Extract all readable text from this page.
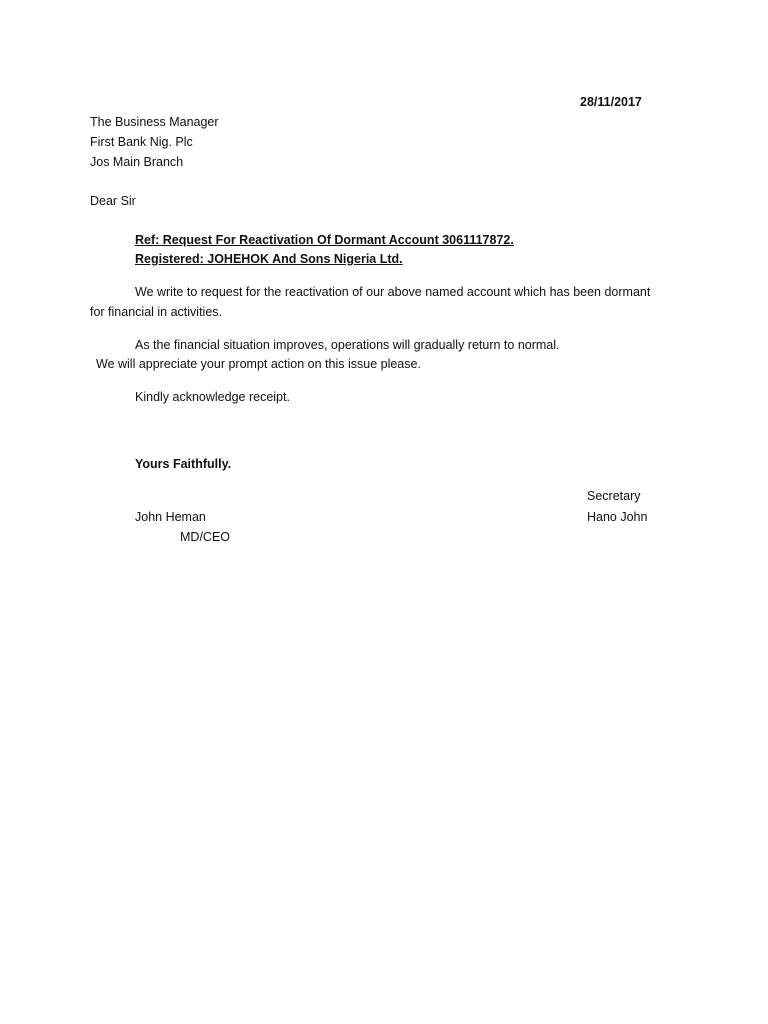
28/11/2017
The Business Manager
First Bank Nig. Plc
Jos Main Branch
Dear Sir
Ref: Request For Reactivation Of Dormant Account 3061117872.
Registered: JOHEHOK And Sons Nigeria Ltd.
We write to request for the reactivation of our above named account which has been dormant
for financial in activities.
As the financial situation improves, operations will gradually return to normal.
We will appreciate your prompt action on this issue please.
Kindly acknowledge receipt.
Yours Faithfully.
Secretary
John Heman	Hano John
MD/CEO
